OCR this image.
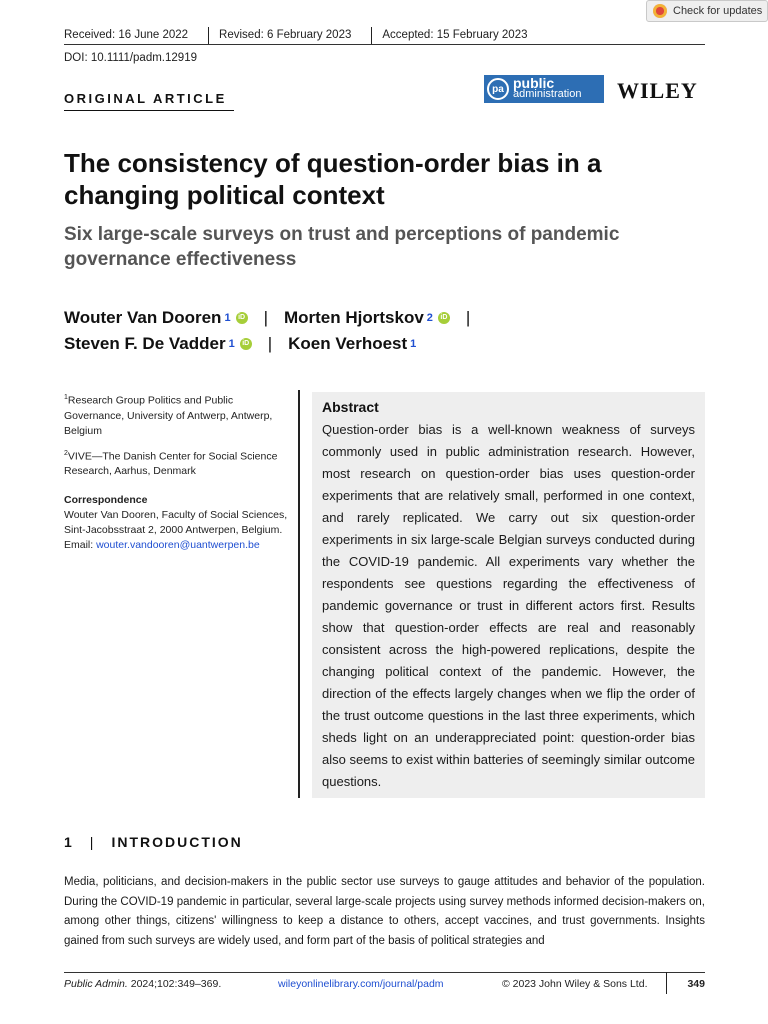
Check for updates
Received: 16 June 2022	Revised: 6 February 2023	Accepted: 15 February 2023
DOI: 10.1111/padm.12919
ORIGINAL ARTICLE
pa public
administration WILEY
The consistency of question-order bias in a changing political context
Six large-scale surveys on trust and perceptions of pandemic governance effectiveness
Wouter Van Dooren 1	iD | Morten Hjortskov 2	iD |
Steven F. De Vadder 1	iD | Koen Verhoest 1

$^1$Research Group Politics and Public Governance, University of Antwerp, Antwerp, Belgium

$^2$VIVE—The Danish Center for Social Science Research, Aarhus, Denmark

Correspondence
Wouter Van Dooren, Faculty of Social Sciences, Sint-Jacobsstraat 2, 2000 Antwerpen, Belgium.
Email: wouter.vandooren@uantwerpen.be

Abstract
Question-order bias is a well-known weakness of surveys commonly used in public administration research. However, most research on question-order bias uses question-order experiments that are relatively small, performed in one context, and rarely replicated. We carry out six question-order experiments in six large-scale Belgian surveys conducted during the COVID-19 pandemic. All experiments vary whether the respondents see questions regarding the effectiveness of pandemic governance or trust in different actors first. Results show that question-order effects are real and reasonably consistent across the high-powered replications, despite the changing political context of the pandemic. However, the direction of the effects largely changes when we flip the order of the trust outcome questions in the last three experiments, which sheds light on an underappreciated point: question-order bias also seems to exist within batteries of seemingly similar outcome questions.
1 | INTRODUCTION
Media, politicians, and decision-makers in the public sector use surveys to gauge attitudes and behavior of the population. During the COVID-19 pandemic in particular, several large-scale projects using survey methods informed decision-makers on, among other things, citizens' willingness to keep a distance to others, accept vaccines, and trust governments. Insights gained from such surveys are widely used, and form part of the basis of political strategies and
Public Admin. 2024;102:349–369.	wileyonlinelibrary.com/journal/padm	© 2023 John Wiley & Sons Ltd.	349
